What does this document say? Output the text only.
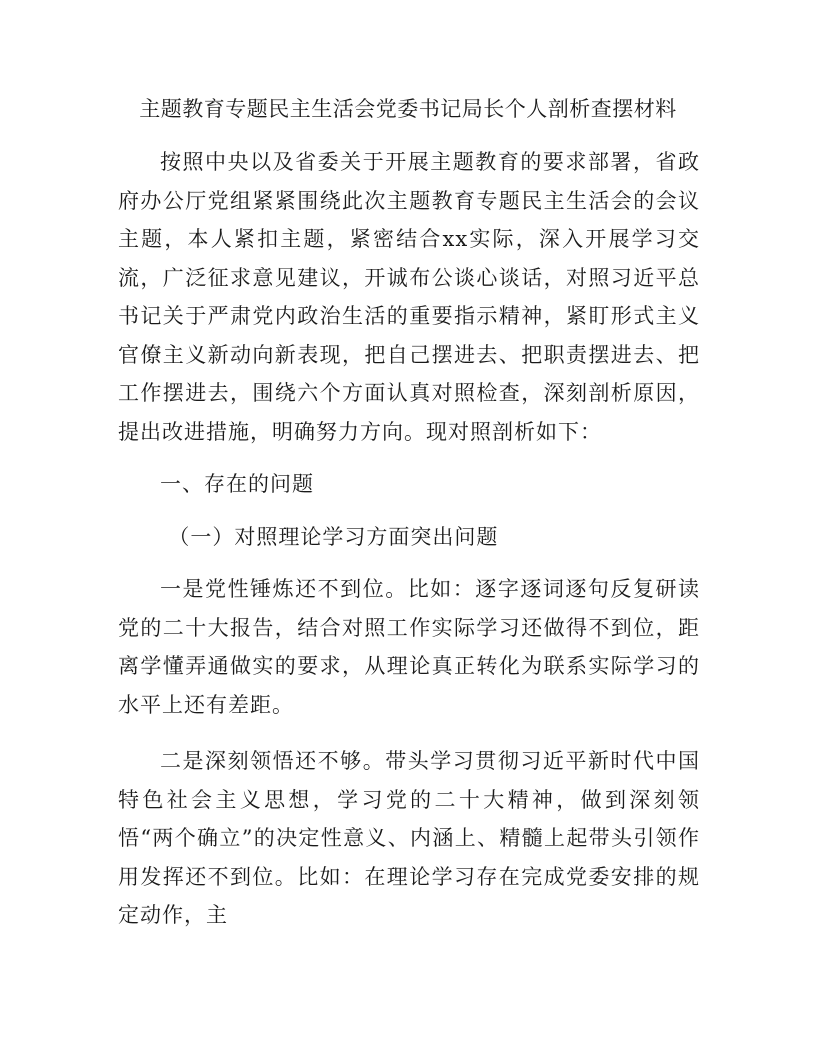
主题教育专题民主生活会党委书记局长个人剖析查摆材料

按照中央以及省委关于开展主题教育的要求部署，省政府办公厅党组紧紧围绕此次主题教育专题民主生活会的会议主题，本人紧扣主题，紧密结合xx实际，深入开展学习交流，广泛征求意见建议，开诚布公谈心谈话，对照习近平总书记关于严肃党内政治生活的重要指示精神，紧盯形式主义官僚主义新动向新表现，把自己摆进去、把职责摆进去、把工作摆进去，围绕六个方面认真对照检查，深刻剖析原因，提出改进措施，明确努力方向。现对照剖析如下：

一、存在的问题

（一）对照理论学习方面突出问题

一是党性锤炼还不到位。比如：逐字逐词逐句反复研读党的二十大报告，结合对照工作实际学习还做得不到位，距离学懂弄通做实的要求，从理论真正转化为联系实际学习的水平上还有差距。

二是深刻领悟还不够。带头学习贯彻习近平新时代中国特色社会主义思想，学习党的二十大精神，做到深刻领悟“两个确立”的决定性意义、内涵上、精髓上起带头引领作用发挥还不到位。比如：在理论学习存在完成党委安排的规定动作，主
